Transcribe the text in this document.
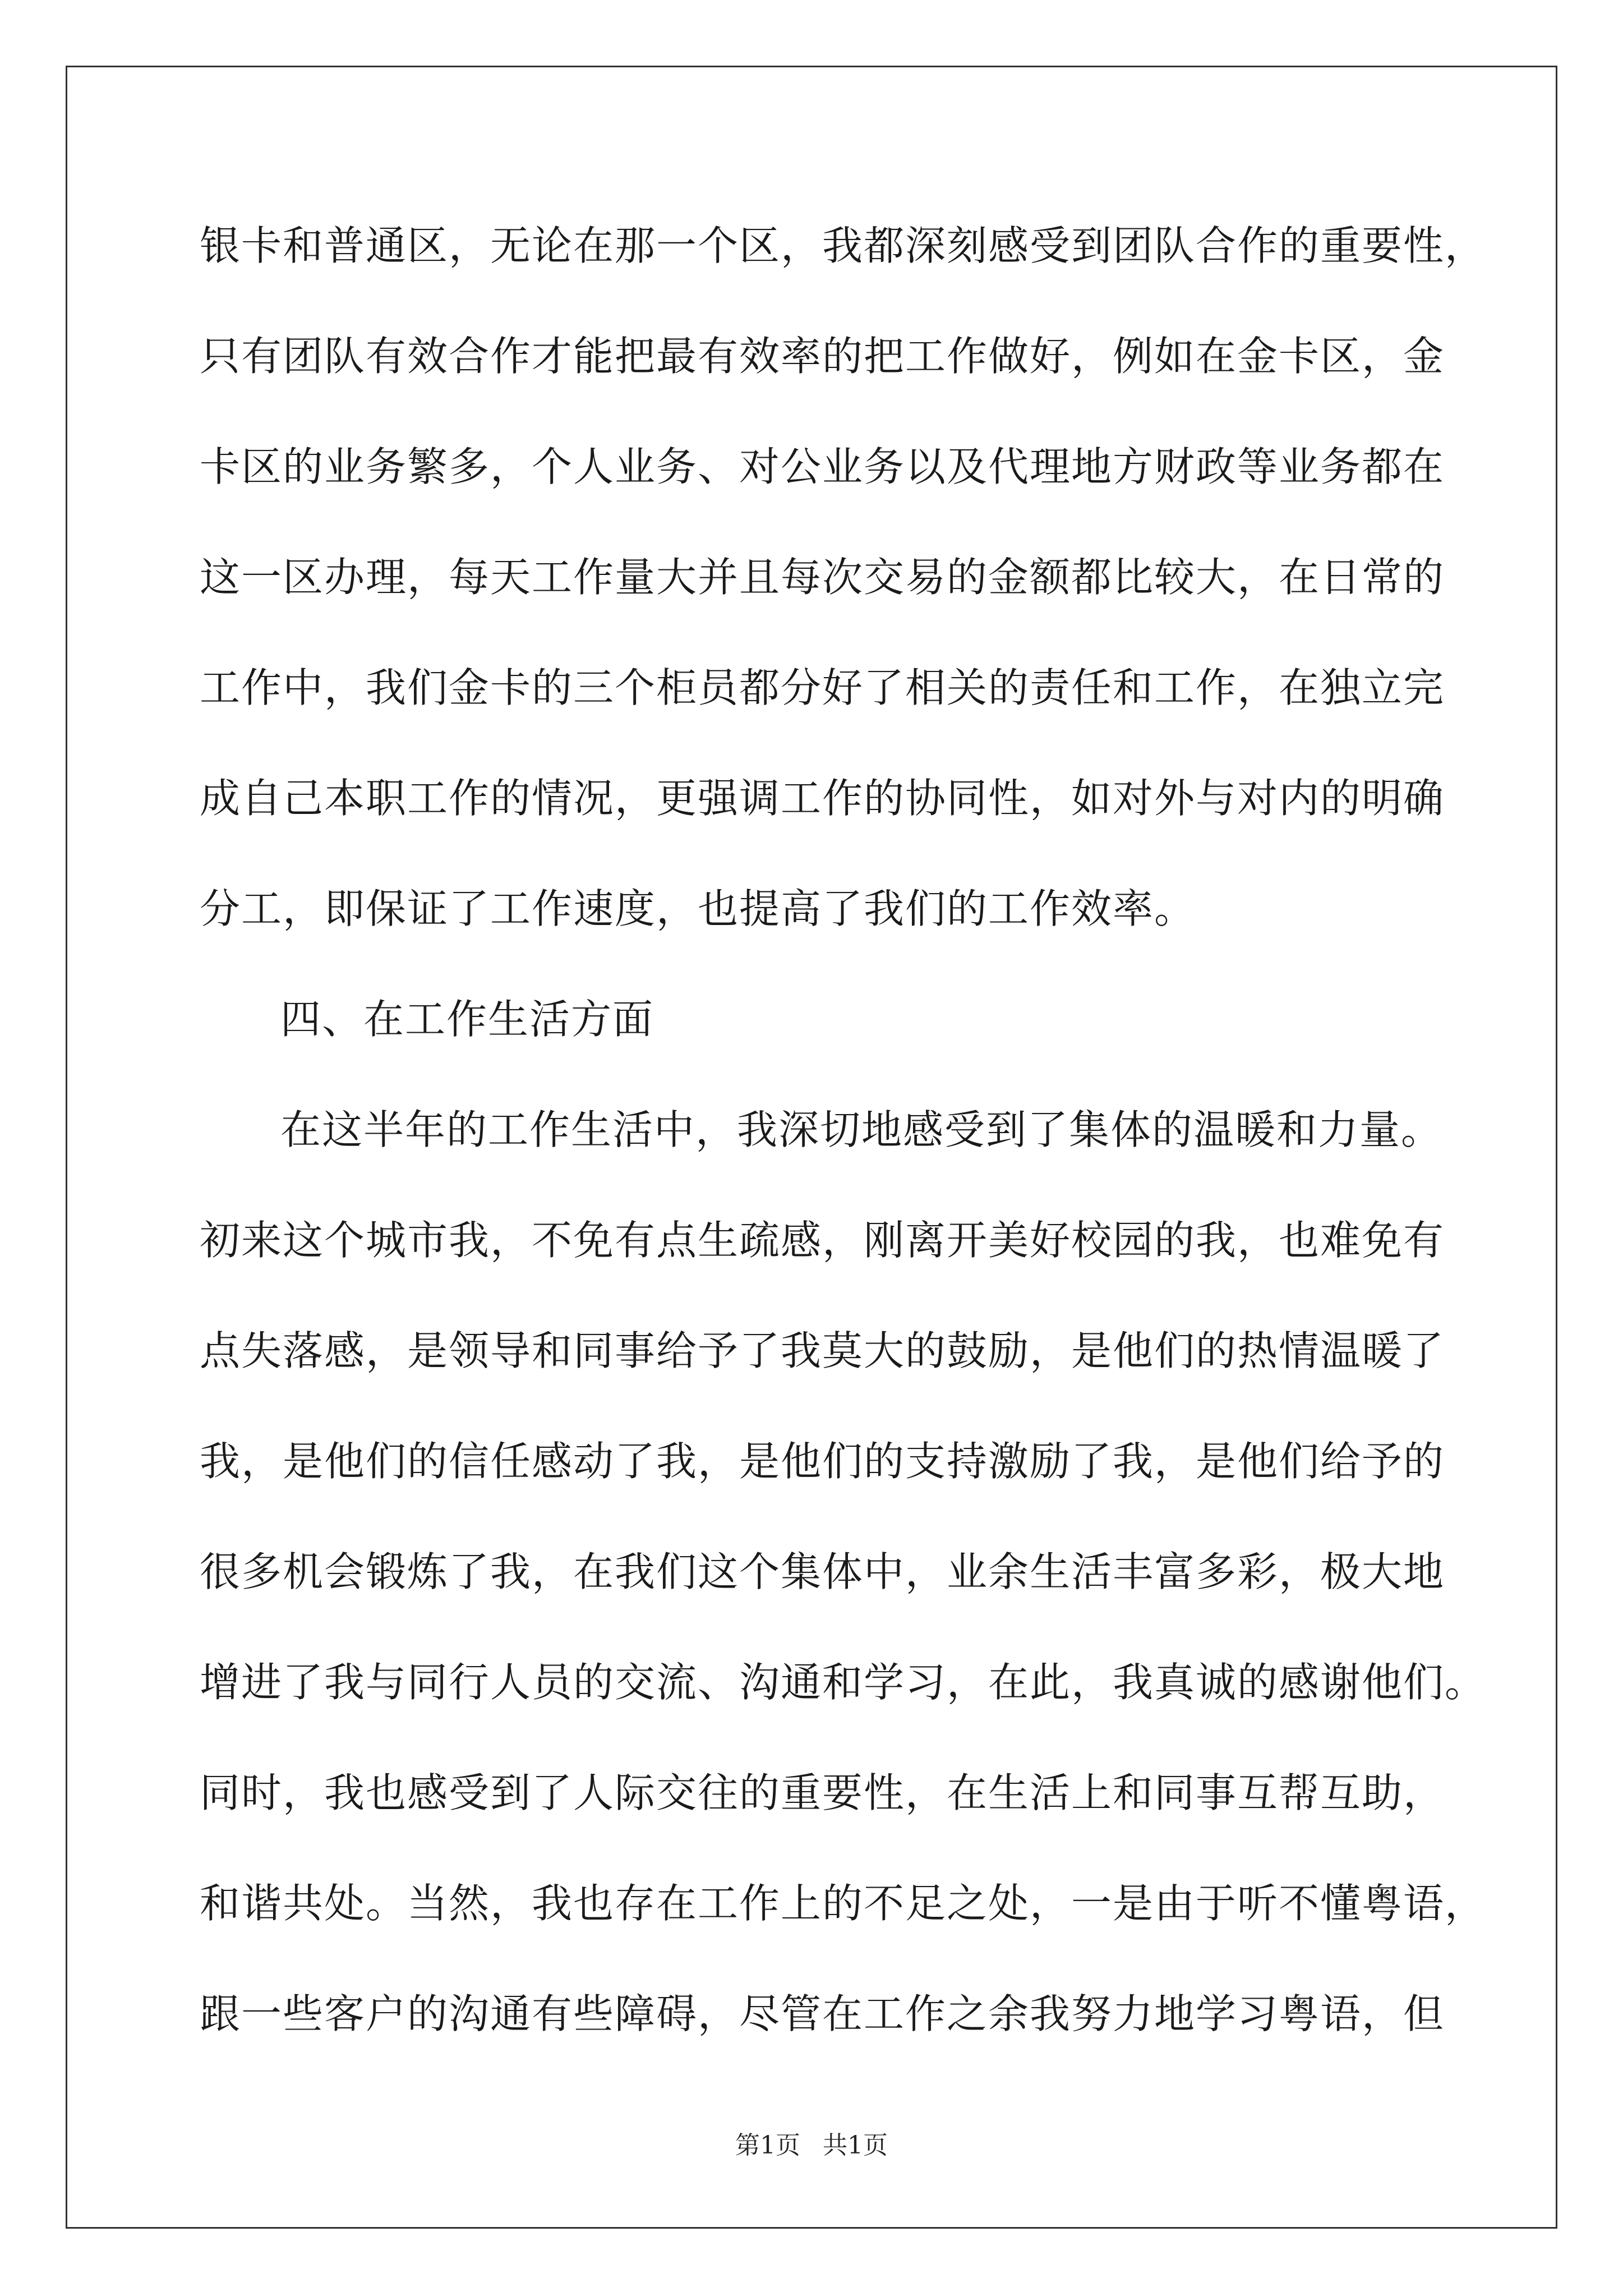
银卡和普通区，无论在那一个区，我都深刻感受到团队合作的重要性，
只有团队有效合作才能把最有效率的把工作做好，例如在金卡区，金
卡区的业务繁多，个人业务、对公业务以及代理地方财政等业务都在
这一区办理，每天工作量大并且每次交易的金额都比较大，在日常的
工作中，我们金卡的三个柜员都分好了相关的责任和工作，在独立完
成自己本职工作的情况，更强调工作的协同性，如对外与对内的明确
分工，即保证了工作速度，也提高了我们的工作效率。
四、在工作生活方面
在这半年的工作生活中，我深切地感受到了集体的温暖和力量。
初来这个城市我，不免有点生疏感，刚离开美好校园的我，也难免有
点失落感，是领导和同事给予了我莫大的鼓励，是他们的热情温暖了
我，是他们的信任感动了我，是他们的支持激励了我，是他们给予的
很多机会锻炼了我，在我们这个集体中，业余生活丰富多彩，极大地
增进了我与同行人员的交流、沟通和学习，在此，我真诚的感谢他们。
同时，我也感受到了人际交往的重要性，在生活上和同事互帮互助，
和谐共处。当然，我也存在工作上的不足之处，一是由于听不懂粤语，
跟一些客户的沟通有些障碍，尽管在工作之余我努力地学习粤语，但
第1页 共1页
